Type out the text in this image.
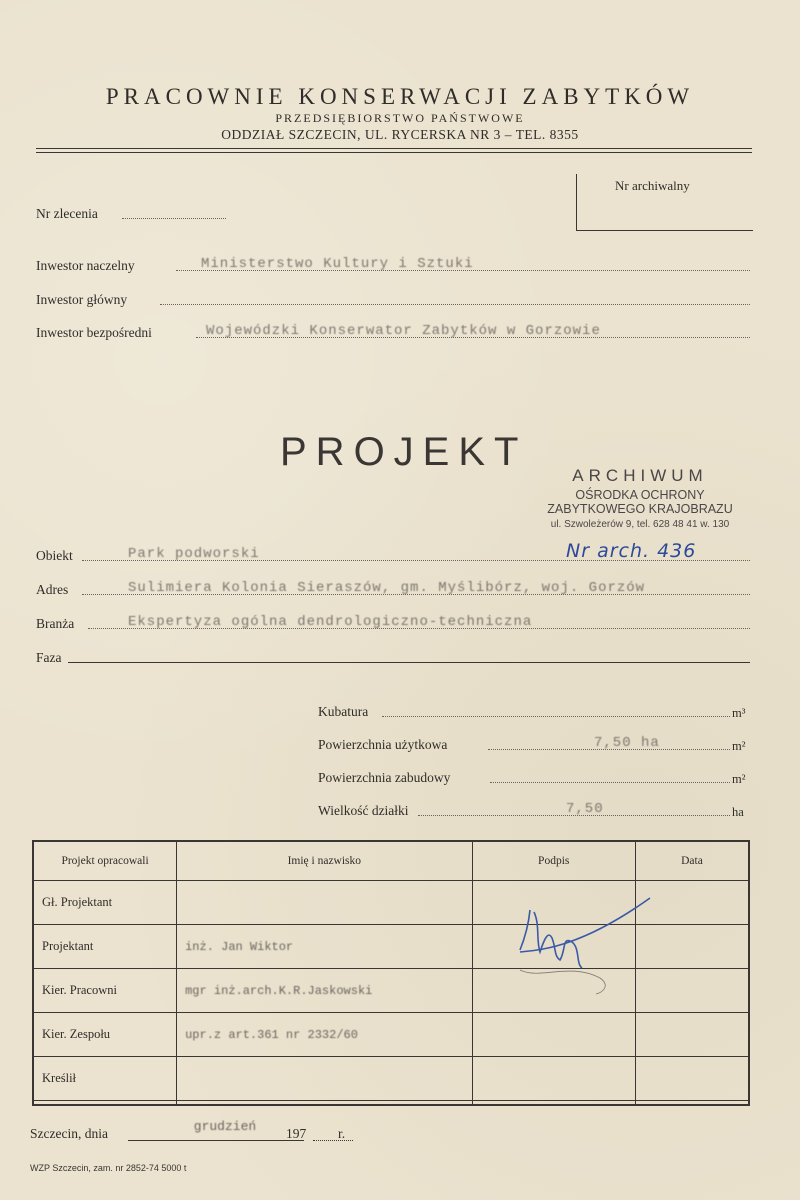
PRACOWNIE KONSERWACJI ZABYTKÓW
PRZEDSIĘBIORSTWO PAŃSTWOWE
ODDZIAŁ SZCZECIN, UL. RYCERSKA NR 3 – TEL. 8355
Nr archiwalny
Nr zlecenia
Inwestor naczelny	Ministerstwo Kultury i Sztuki
Inwestor główny
Inwestor bezpośredni	Wojewódzki Konserwator Zabytków w Gorzowie
PROJEKT
ARCHIWUM
OŚRODKA OCHRONY
ZABYTKOWEGO KRAJOBRAZU
ul. Szwoleżerów 9, tel. 628 48 41 w. 130
Nr arch. 436
Obiekt	Park podworski
Adres	Sulimiera Kolonia Sieraszów, gm. Myślibórz, woj. Gorzów
Branża	Ekspertyza ogólna dendrologiczno-techniczna
Faza
Kubatura	m³
Powierzchnia użytkowa	7,50 ha	m²
Powierzchnia zabudowy	m²
Wielkość działki	7,50	ha
Projekt opracowali	Imię i nazwisko	Podpis	Data
Gł. Projektant			
Projektant	inż. Jan Wiktor		
Kier. Pracowni	mgr inż.arch.K.R.Jaskowski		
Kier. Zespołu	upr.z art.361 nr 2332/60		
Kreślił			

Szczecin, dnia	grudzień	197 r.
WZP Szczecin, zam. nr 2852-74 5000 t
